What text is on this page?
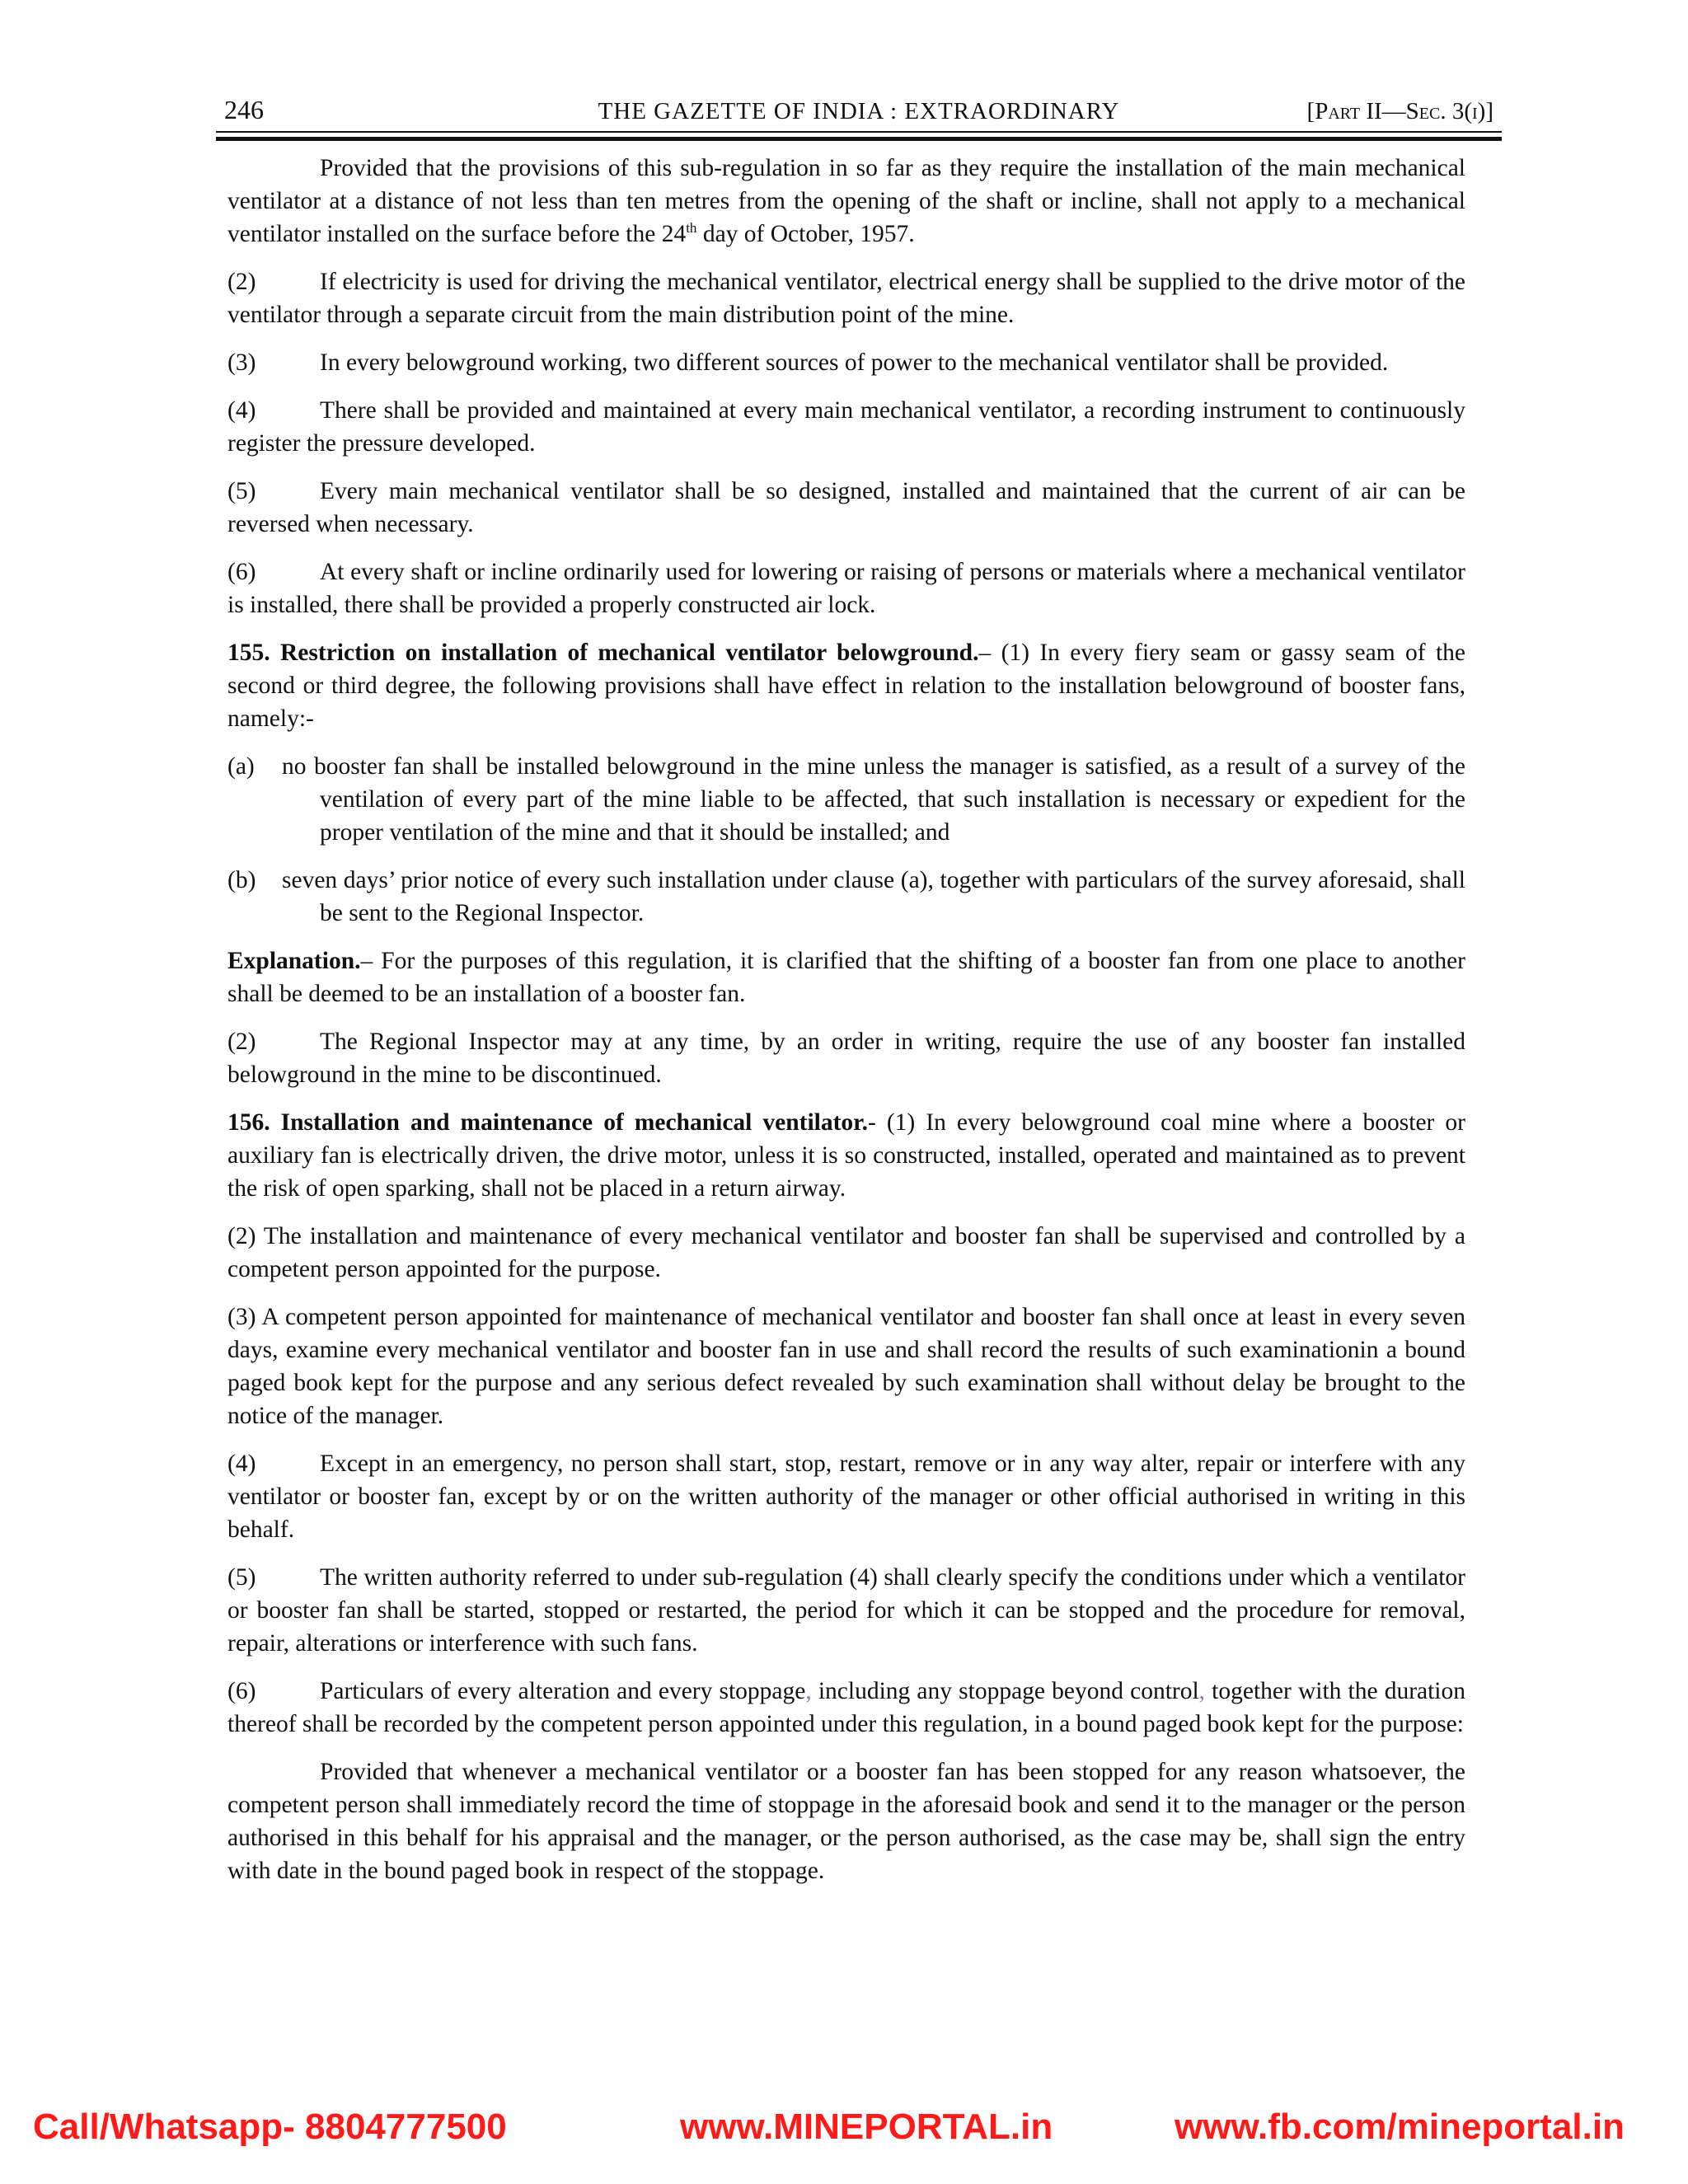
246	THE GAZETTE OF INDIA : EXTRAORDINARY	[Part II—Sec. 3(i)]

Provided that the provisions of this sub-regulation in so far as they require the installation of the main mechanical ventilator at a distance of not less than ten metres from the opening of the shaft or incline, shall not apply to a mechanical ventilator installed on the surface before the 24th day of October, 1957.

(2)	If electricity is used for driving the mechanical ventilator, electrical energy shall be supplied to the drive motor of the ventilator through a separate circuit from the main distribution point of the mine.

(3)	In every belowground working, two different sources of power to the mechanical ventilator shall be provided.

(4)	There shall be provided and maintained at every main mechanical ventilator, a recording instrument to continuously register the pressure developed.

(5)	Every main mechanical ventilator shall be so designed, installed and maintained that the current of air can be reversed when necessary.

(6)	At every shaft or incline ordinarily used for lowering or raising of persons or materials where a mechanical ventilator is installed, there shall be provided a properly constructed air lock.

155. Restriction on installation of mechanical ventilator belowground.– (1) In every fiery seam or gassy seam of the second or third degree, the following provisions shall have effect in relation to the installation belowground of booster fans, namely:-

(a) no booster fan shall be installed belowground in the mine unless the manager is satisfied, as a result of a survey of the ventilation of every part of the mine liable to be affected, that such installation is necessary or expedient for the proper ventilation of the mine and that it should be installed; and

(b) seven days’ prior notice of every such installation under clause (a), together with particulars of the survey aforesaid, shall be sent to the Regional Inspector.

Explanation.– For the purposes of this regulation, it is clarified that the shifting of a booster fan from one place to another shall be deemed to be an installation of a booster fan.

(2)	The Regional Inspector may at any time, by an order in writing, require the use of any booster fan installed belowground in the mine to be discontinued.

156. Installation and maintenance of mechanical ventilator.- (1) In every belowground coal mine where a booster or auxiliary fan is electrically driven, the drive motor, unless it is so constructed, installed, operated and maintained as to prevent the risk of open sparking, shall not be placed in a return airway.

(2) The installation and maintenance of every mechanical ventilator and booster fan shall be supervised and controlled by a competent person appointed for the purpose.

(3) A competent person appointed for maintenance of mechanical ventilator and booster fan shall once at least in every seven days, examine every mechanical ventilator and booster fan in use and shall record the results of such examinationin a bound paged book kept for the purpose and any serious defect revealed by such examination shall without delay be brought to the notice of the manager.

(4)	Except in an emergency, no person shall start, stop, restart, remove or in any way alter, repair or interfere with any ventilator or booster fan, except by or on the written authority of the manager or other official authorised in writing in this behalf.

(5)	The written authority referred to under sub-regulation (4) shall clearly specify the conditions under which a ventilator or booster fan shall be started, stopped or restarted, the period for which it can be stopped and the procedure for removal, repair, alterations or interference with such fans.

(6)	Particulars of every alteration and every stoppage, including any stoppage beyond control, together with the duration thereof shall be recorded by the competent person appointed under this regulation, in a bound paged book kept for the purpose:

Provided that whenever a mechanical ventilator or a booster fan has been stopped for any reason whatsoever, the competent person shall immediately record the time of stoppage in the aforesaid book and send it to the manager or the person authorised in this behalf for his appraisal and the manager, or the person authorised, as the case may be, shall sign the entry with date in the bound paged book in respect of the stoppage.

Call/Whatsapp- 8804777500	www.MINEPORTAL.in	www.fb.com/mineportal.in
